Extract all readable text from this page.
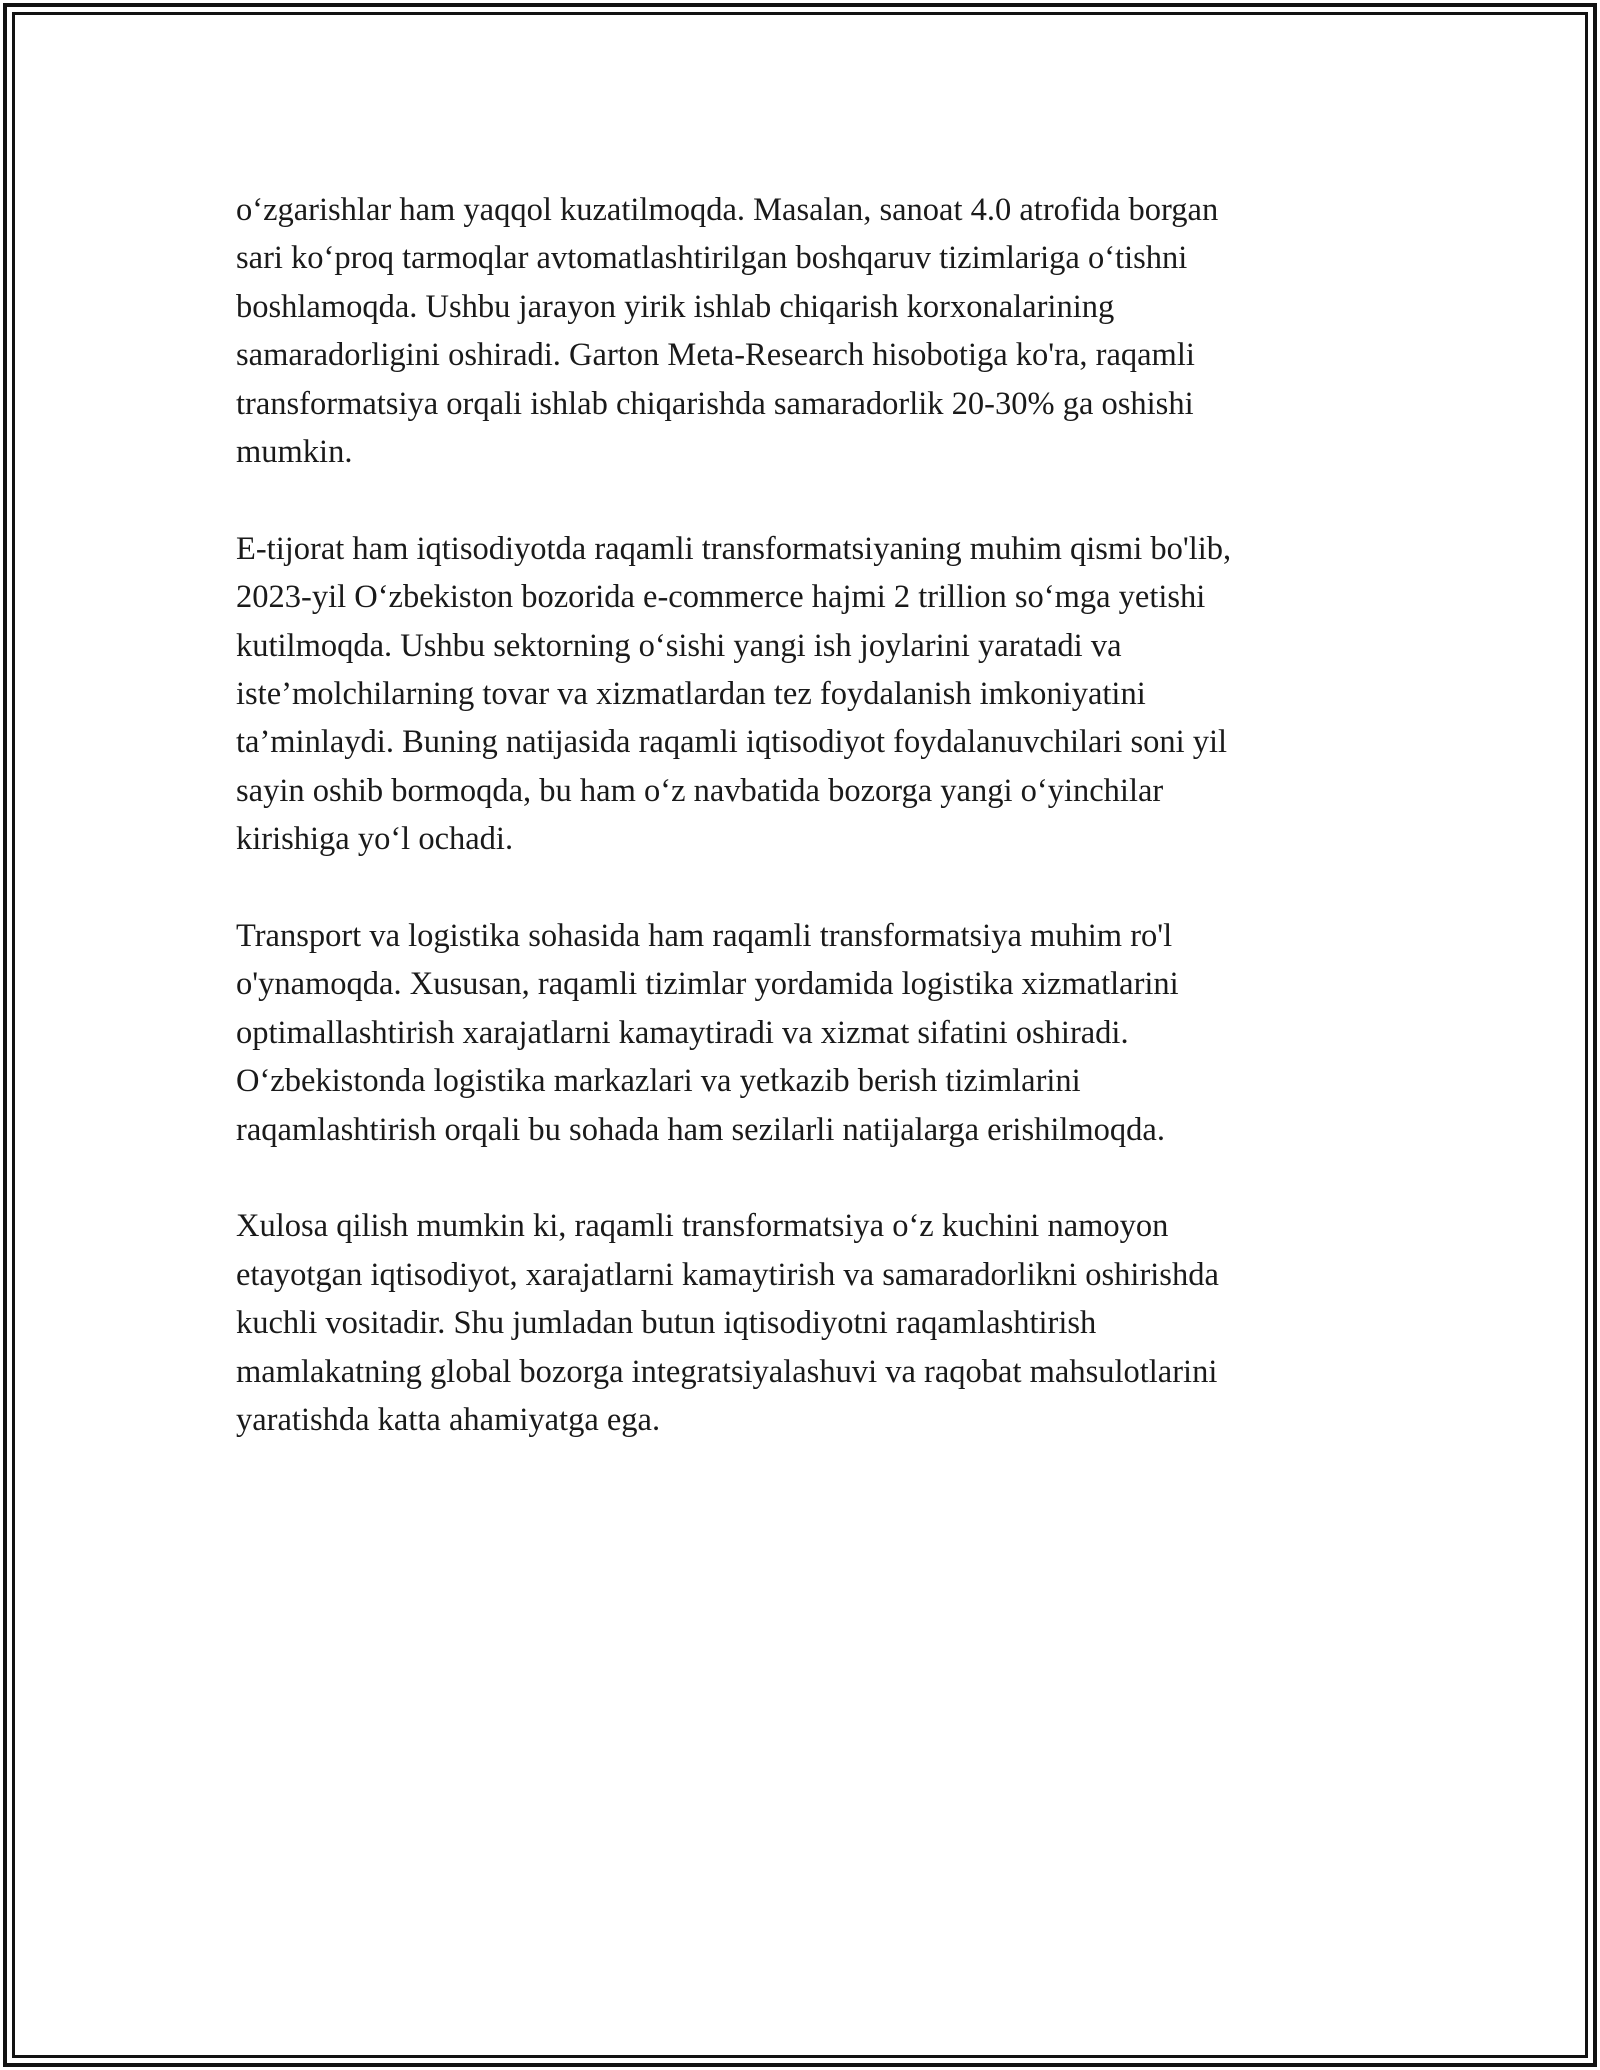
o‘zgarishlar ham yaqqol kuzatilmoqda. Masalan, sanoat 4.0 atrofida borgan
sari ko‘proq tarmoqlar avtomatlashtirilgan boshqaruv tizimlariga o‘tishni
boshlamoqda. Ushbu jarayon yirik ishlab chiqarish korxonalarining
samaradorligini oshiradi. Garton Meta-Research hisobotiga ko'ra, raqamli
transformatsiya orqali ishlab chiqarishda samaradorlik 20-30% ga oshishi
mumkin.

E-tijorat ham iqtisodiyotda raqamli transformatsiyaning muhim qismi bo'lib,
2023-yil O‘zbekiston bozorida e-commerce hajmi 2 trillion so‘mga yetishi
kutilmoqda. Ushbu sektorning o‘sishi yangi ish joylarini yaratadi va
iste’molchilarning tovar va xizmatlardan tez foydalanish imkoniyatini
ta’minlaydi. Buning natijasida raqamli iqtisodiyot foydalanuvchilari soni yil
sayin oshib bormoqda, bu ham o‘z navbatida bozorga yangi o‘yinchilar
kirishiga yo‘l ochadi.

Transport va logistika sohasida ham raqamli transformatsiya muhim ro'l
o'ynamoqda. Xususan, raqamli tizimlar yordamida logistika xizmatlarini
optimallashtirish xarajatlarni kamaytiradi va xizmat sifatini oshiradi.
O‘zbekistonda logistika markazlari va yetkazib berish tizimlarini
raqamlashtirish orqali bu sohada ham sezilarli natijalarga erishilmoqda.

Xulosa qilish mumkin ki, raqamli transformatsiya o‘z kuchini namoyon
etayotgan iqtisodiyot, xarajatlarni kamaytirish va samaradorlikni oshirishda
kuchli vositadir. Shu jumladan butun iqtisodiyotni raqamlashtirish
mamlakatning global bozorga integratsiyalashuvi va raqobat mahsulotlarini
yaratishda katta ahamiyatga ega.
